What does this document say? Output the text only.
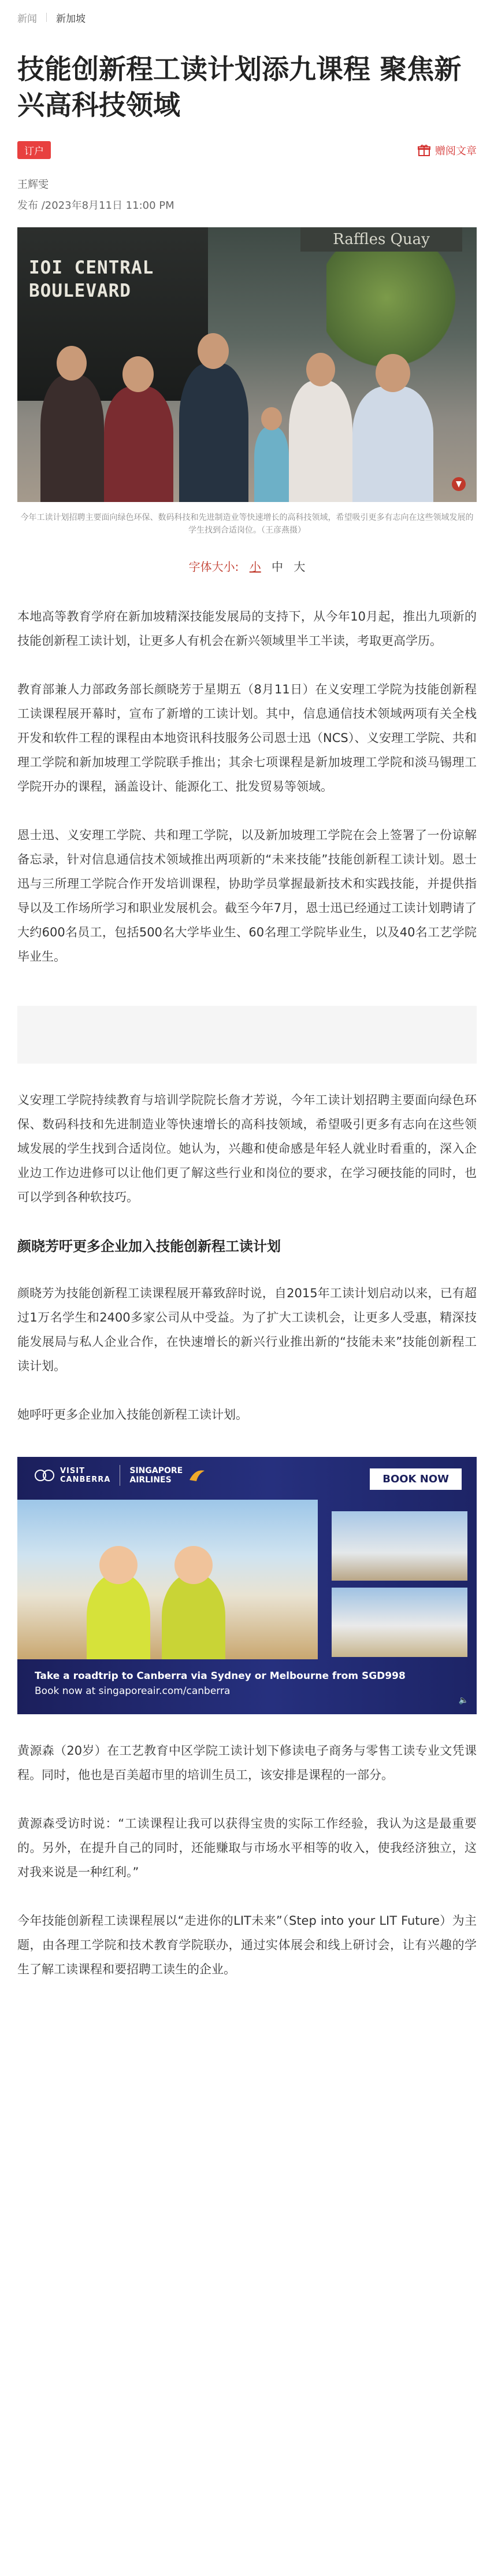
新闻 新加坡
技能创新程工读计划添九课程 聚焦新兴高科技领域
订户	赠阅文章
王辉雯
发布 /2023年8月11日 11:00 PM
IOI CENTRAL
BOULEVARD
Raffles Quay

今年工读计划招聘主要面向绿色环保、数码科技和先进制造业等快速增长的高科技领域，希望吸引更多有志向在这些领域发展的学生找到合适岗位。（王彦燕摄）

字体大小: 小 中 大

本地高等教育学府在新加坡精深技能发展局的支持下，从今年10月起，推出九项新的技能创新程工读计划，让更多人有机会在新兴领域里半工半读，考取更高学历。

教育部兼人力部政务部长颜晓芳于星期五（8月11日）在义安理工学院为技能创新程工读课程展开幕时，宣布了新增的工读计划。其中，信息通信技术领域两项有关全栈开发和软件工程的课程由本地资讯科技服务公司恩士迅（NCS）、义安理工学院、共和理工学院和新加坡理工学院联手推出；其余七项课程是新加坡理工学院和淡马锡理工学院开办的课程，涵盖设计、能源化工、批发贸易等领域。

恩士迅、义安理工学院、共和理工学院，以及新加坡理工学院在会上签署了一份谅解备忘录，针对信息通信技术领域推出两项新的“未来技能”技能创新程工读计划。恩士迅与三所理工学院合作开发培训课程，协助学员掌握最新技术和实践技能，并提供指导以及工作场所学习和职业发展机会。截至今年7月，恩士迅已经通过工读计划聘请了大约600名员工，包括500名大学毕业生、60名理工学院毕业生，以及40名工艺学院毕业生。

义安理工学院持续教育与培训学院院长詹才芳说，今年工读计划招聘主要面向绿色环保、数码科技和先进制造业等快速增长的高科技领域，希望吸引更多有志向在这些领域发展的学生找到合适岗位。她认为，兴趣和使命感是年轻人就业时看重的，深入企业边工作边进修可以让他们更了解这些行业和岗位的要求，在学习硬技能的同时，也可以学到各种软技巧。

颜晓芳吁更多企业加入技能创新程工读计划

颜晓芳为技能创新程工读课程展开幕致辞时说，自2015年工读计划启动以来，已有超过1万名学生和2400多家公司从中受益。为了扩大工读机会，让更多人受惠，精深技能发展局与私人企业合作，在快速增长的新兴行业推出新的“技能未来”技能创新程工读计划。

她呼吁更多企业加入技能创新程工读计划。

VISIT
CANBERRA
SINGAPORE
AIRLINES	BOOK NOW
Take a roadtrip to Canberra via Sydney or Melbourne from SGD998
Book now at singaporeair.com/canberra
🔈

黄源森（20岁）在工艺教育中区学院工读计划下修读电子商务与零售工读专业文凭课程。同时，他也是百美超市里的培训生员工，该安排是课程的一部分。

黄源森受访时说：“工读课程让我可以获得宝贵的实际工作经验，我认为这是最重要的。另外，在提升自己的同时，还能赚取与市场水平相等的收入，使我经济独立，这对我来说是一种红利。”

今年技能创新程工读课程展以“走进你的LIT未来”（Step into your LIT Future）为主题，由各理工学院和技术教育学院联办，通过实体展会和线上研讨会，让有兴趣的学生了解工读课程和要招聘工读生的企业。
